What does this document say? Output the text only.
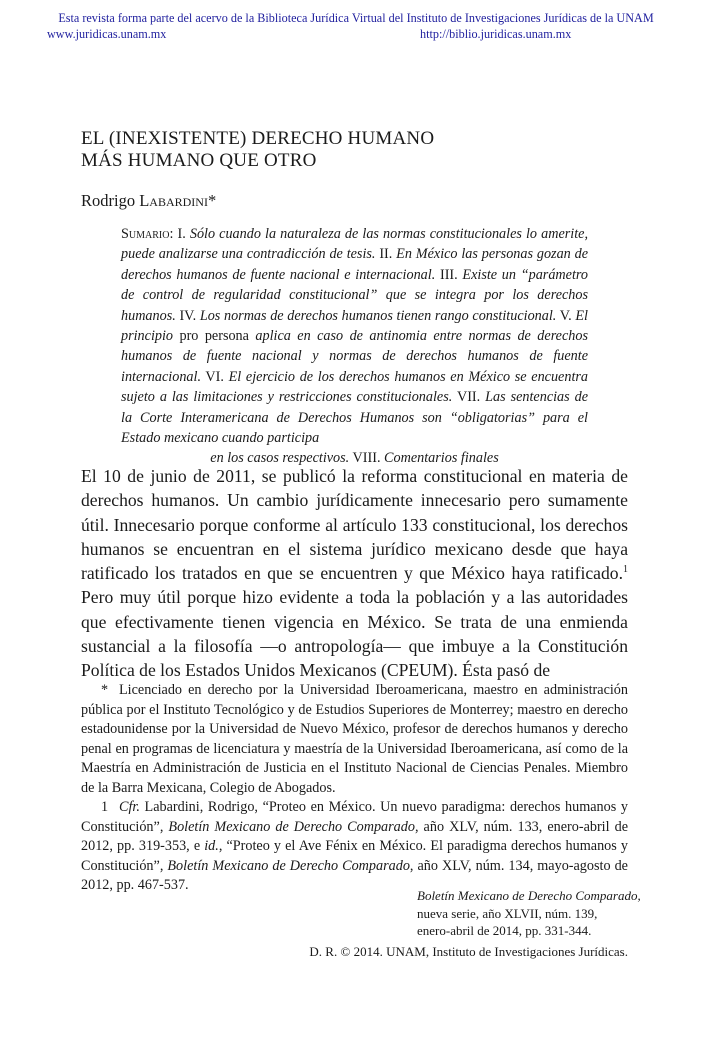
Esta revista forma parte del acervo de la Biblioteca Jurídica Virtual del Instituto de Investigaciones Jurídicas de la UNAM
www.juridicas.unam.mx	http://biblio.juridicas.unam.mx
EL (INEXISTENTE) DERECHO HUMANO
MÁS HUMANO QUE OTRO
Rodrigo Labardini*
Sumario: I. Sólo cuando la naturaleza de las normas constitucionales lo amerite, puede analizarse una contradicción de tesis. II. En México las personas gozan de derechos humanos de fuente nacional e internacional. III. Existe un “parámetro de control de regularidad constitucional” que se integra por los derechos humanos. IV. Los normas de derechos humanos tienen rango constitucional. V. El principio pro persona aplica en caso de antinomia entre normas de derechos humanos de fuente nacional y normas de derechos humanos de fuente internacional. VI. El ejercicio de los derechos humanos en México se encuentra sujeto a las limitaciones y restricciones constitucionales. VII. Las sentencias de la Corte Interamericana de Derechos Humanos son “obligatorias” para el Estado mexicano cuando participa
en los casos respectivos. VIII. Comentarios finales
El 10 de junio de 2011, se publicó la reforma constitucional en materia de derechos humanos. Un cambio jurídicamente innecesario pero sumamente útil. Innecesario porque conforme al artículo 133 constitucional, los derechos humanos se encuentran en el sistema jurídico mexicano desde que haya ratificado los tratados en que se encuentren y que México haya ratificado.$^1$ Pero muy útil porque hizo evidente a toda la población y a las autoridades que efectivamente tienen vigencia en México. Se trata de una enmienda sustancial a la filosofía —o antropología— que imbuye a la Constitución Política de los Estados Unidos Mexicanos (CPEUM). Ésta pasó de

* Licenciado en derecho por la Universidad Iberoamericana, maestro en administración pública por el Instituto Tecnológico y de Estudios Superiores de Monterrey; maestro en derecho estadounidense por la Universidad de Nuevo México, profesor de derechos humanos y derecho penal en programas de licenciatura y maestría de la Universidad Iberoamericana, así como de la Maestría en Administración de Justicia en el Instituto Nacional de Ciencias Penales. Miembro de la Barra Mexicana, Colegio de Abogados.

1 Cfr. Labardini, Rodrigo, “Proteo en México. Un nuevo paradigma: derechos humanos y Constitución”, Boletín Mexicano de Derecho Comparado, año XLV, núm. 133, enero-abril de 2012, pp. 319-353, e id., “Proteo y el Ave Fénix en México. El paradigma derechos humanos y Constitución”, Boletín Mexicano de Derecho Comparado, año XLV, núm. 134, mayo-agosto de 2012, pp. 467-537.

Boletín Mexicano de Derecho Comparado,
nueva serie, año XLVII, núm. 139,
enero-abril de 2014, pp. 331-344.
D. R. © 2014. UNAM, Instituto de Investigaciones Jurídicas.
